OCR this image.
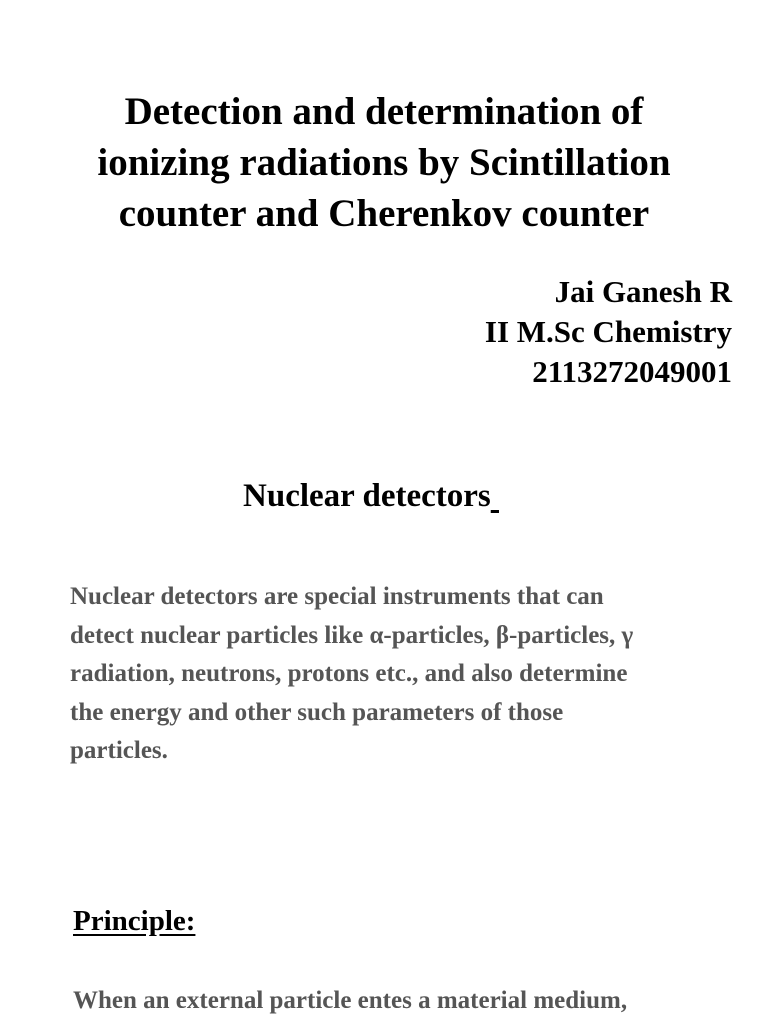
Detection and determination of
ionizing radiations by Scintillation
counter and Cherenkov counter
Jai Ganesh R
II M.Sc Chemistry
2113272049001
Nuclear detectors

Nuclear detectors are special instruments that can
detect nuclear particles like α-particles, β-particles, γ
radiation, neutrons, protons etc., and also determine
the energy and other such parameters of those
particles.

Principle:

When an external particle entes a material medium,
